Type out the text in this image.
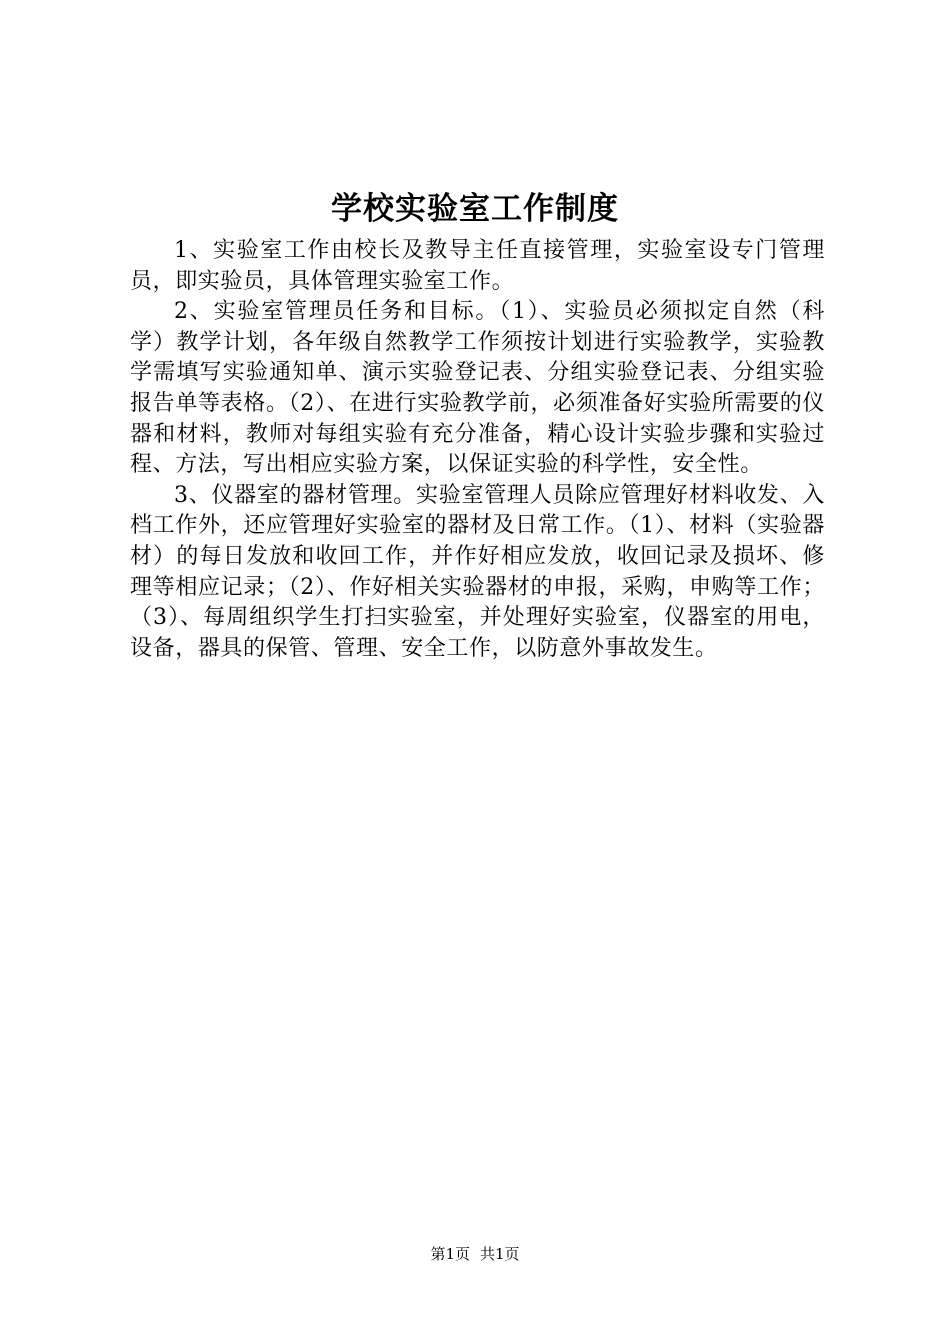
学校实验室工作制度

1、实验室工作由校长及教导主任直接管理，实验室设专门管理员，即实验员，具体管理实验室工作。

2、实验室管理员任务和目标。（1）、实验员必须拟定自然（科学）教学计划，各年级自然教学工作须按计划进行实验教学，实验教学需填写实验通知单、演示实验登记表、分组实验登记表、分组实验报告单等表格。（2）、在进行实验教学前，必须准备好实验所需要的仪器和材料，教师对每组实验有充分准备，精心设计实验步骤和实验过程、方法，写出相应实验方案，以保证实验的科学性，安全性。

3、仪器室的器材管理。实验室管理人员除应管理好材料收发、入档工作外，还应管理好实验室的器材及日常工作。（1）、材料（实验器材）的每日发放和收回工作，并作好相应发放，收回记录及损坏、修理等相应记录；（2）、作好相关实验器材的申报，采购，申购等工作；（3）、每周组织学生打扫实验室，并处理好实验室，仪器室的用电，设备，器具的保管、管理、安全工作，以防意外事故发生。

第1页 共1页
